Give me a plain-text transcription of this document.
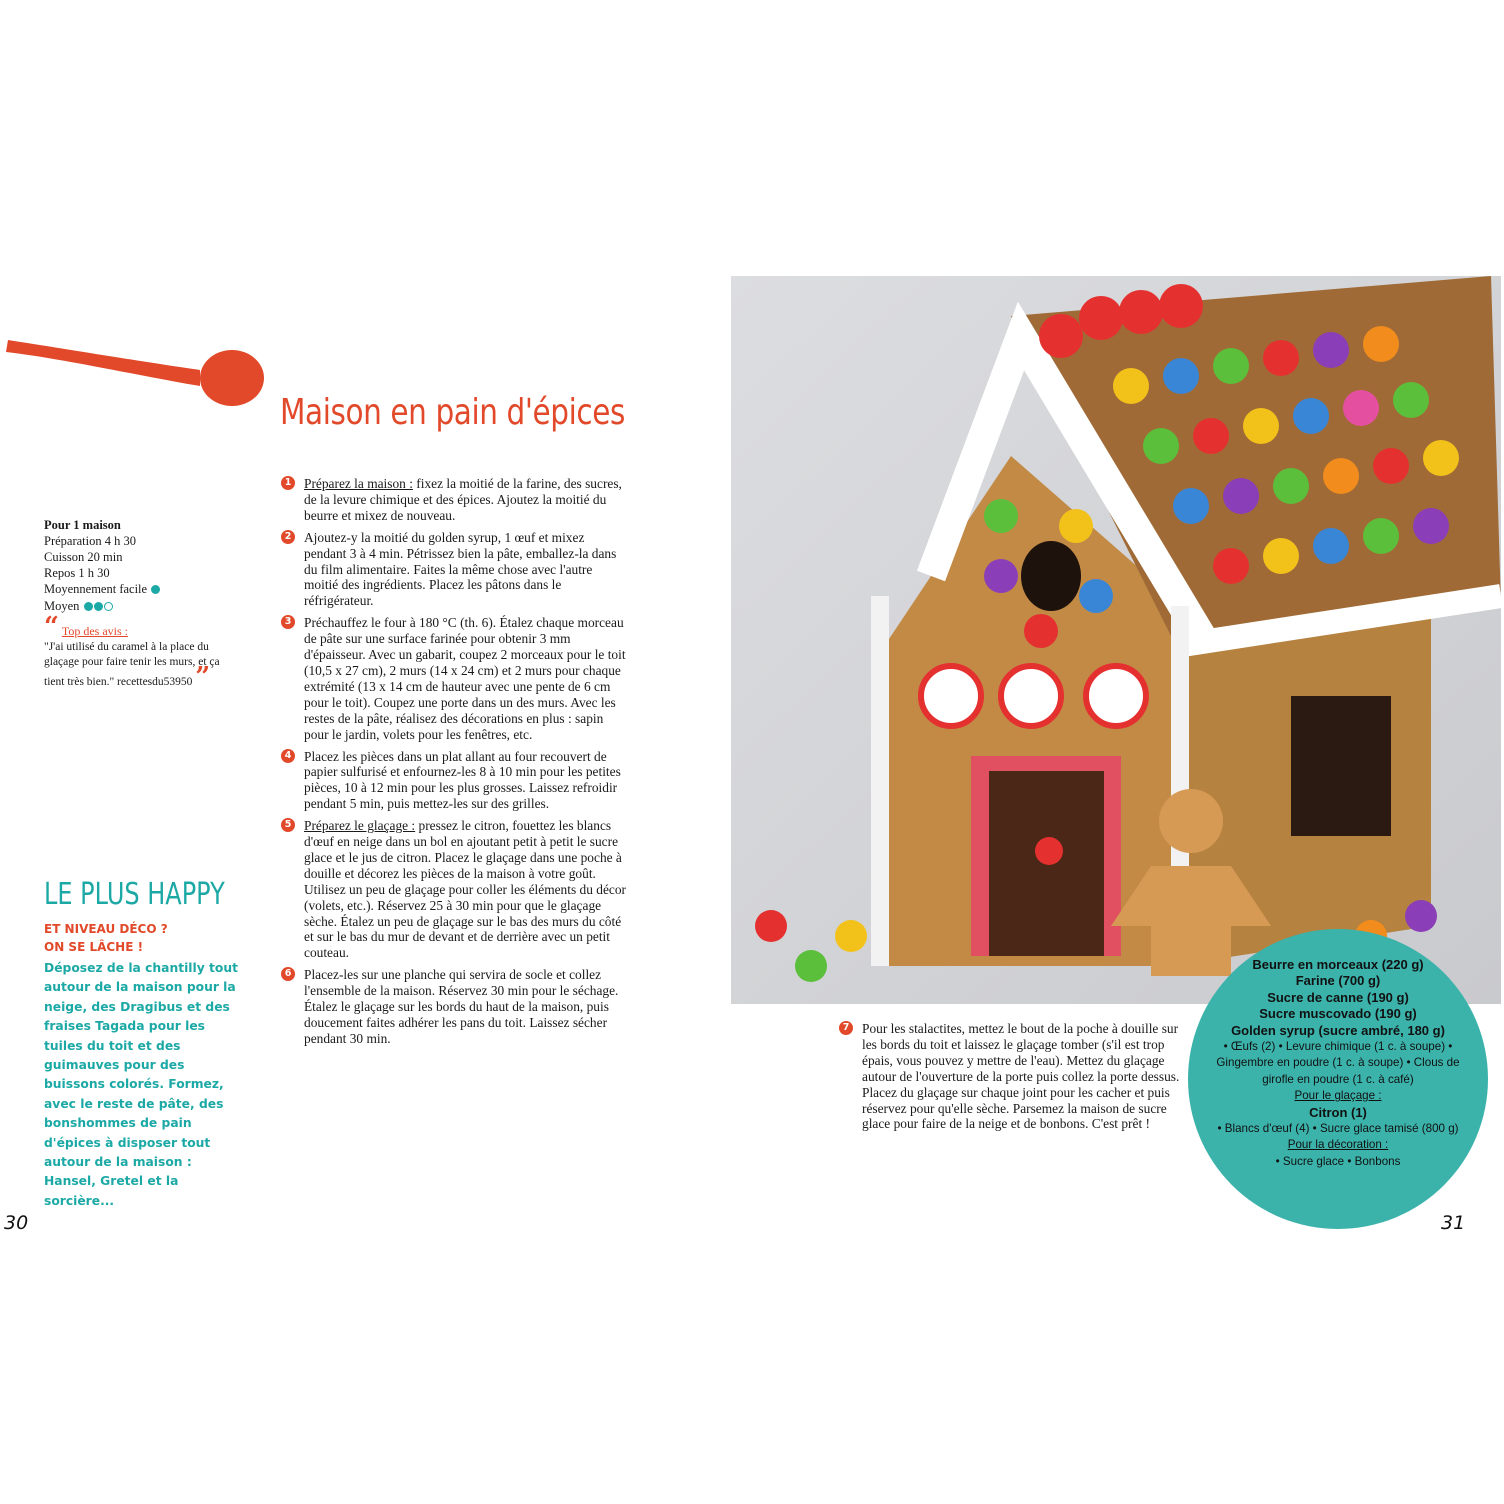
Maison en pain d'épices
Pour 1 maison
Préparation 4 h 30
Cuisson 20 min
Repos 1 h 30
Moyennement facile
Moyen
“ Top des avis :
"J'ai utilisé du caramel à la place du glaçage pour faire tenir les murs, et ça tient très bien." recettesdu53950 ”
LE PLUS HAPPY
ET NIVEAU DÉCO ?
ON SE LÂCHE !
Déposez de la chantilly tout autour de la maison pour la neige, des Dragibus et des fraises Tagada pour les tuiles du toit et des guimauves pour des buissons colorés. Formez, avec le reste de pâte, des bonshommes de pain d'épices à disposer tout autour de la maison : Hansel, Gretel et la sorcière...
1 Préparez la maison : fixez la moitié de la farine, des sucres, de la levure chimique et des épices. Ajoutez la moitié du beurre et mixez de nouveau.
2 Ajoutez-y la moitié du golden syrup, 1 œuf et mixez pendant 3 à 4 min. Pétrissez bien la pâte, emballez-la dans du film alimentaire. Faites la même chose avec l'autre moitié des ingrédients. Placez les pâtons dans le réfrigérateur.
3 Préchauffez le four à 180 °C (th. 6). Étalez chaque morceau de pâte sur une surface farinée pour obtenir 3 mm d'épaisseur. Avec un gabarit, coupez 2 morceaux pour le toit (10,5 x 27 cm), 2 murs (14 x 24 cm) et 2 murs pour chaque extrémité (13 x 14 cm de hauteur avec une pente de 6 cm pour le toit). Coupez une porte dans un des murs. Avec les restes de la pâte, réalisez des décorations en plus : sapin pour le jardin, volets pour les fenêtres, etc.
4 Placez les pièces dans un plat allant au four recouvert de papier sulfurisé et enfournez-les 8 à 10 min pour les petites pièces, 10 à 12 min pour les plus grosses. Laissez refroidir pendant 5 min, puis mettez-les sur des grilles.
5 Préparez le glaçage : pressez le citron, fouettez les blancs d'œuf en neige dans un bol en ajoutant petit à petit le sucre glace et le jus de citron. Placez le glaçage dans une poche à douille et décorez les pièces de la maison à votre goût. Utilisez un peu de glaçage pour coller les éléments du décor (volets, etc.). Réservez 25 à 30 min pour que le glaçage sèche. Étalez un peu de glaçage sur le bas des murs du côté et sur le bas du mur de devant et de derrière avec un petit couteau.
6 Placez-les sur une planche qui servira de socle et collez l'ensemble de la maison. Réservez 30 min pour le séchage. Étalez le glaçage sur les bords du haut de la maison, puis doucement faites adhérer les pans du toit. Laissez sécher pendant 30 min.
30
Beurre en morceaux (220 g)
Farine (700 g)
Sucre de canne (190 g)
Sucre muscovado (190 g)
Golden syrup (sucre ambré, 180 g)
• Œufs (2) • Levure chimique (1 c. à soupe) • Gingembre en poudre (1 c. à soupe) • Clous de girofle en poudre (1 c. à café)
Pour le glaçage :
Citron (1)
• Blancs d'œuf (4) • Sucre glace tamisé (800 g)
Pour la décoration :
• Sucre glace • Bonbons
7 Pour les stalactites, mettez le bout de la poche à douille sur les bords du toit et laissez le glaçage tomber (s'il est trop épais, vous pouvez y mettre de l'eau). Mettez du glaçage autour de l'ouverture de la porte puis collez la porte dessus. Placez du glaçage sur chaque joint pour les cacher et puis réservez pour qu'elle sèche. Parsemez la maison de sucre glace pour faire de la neige et de bonbons. C'est prêt !
31
